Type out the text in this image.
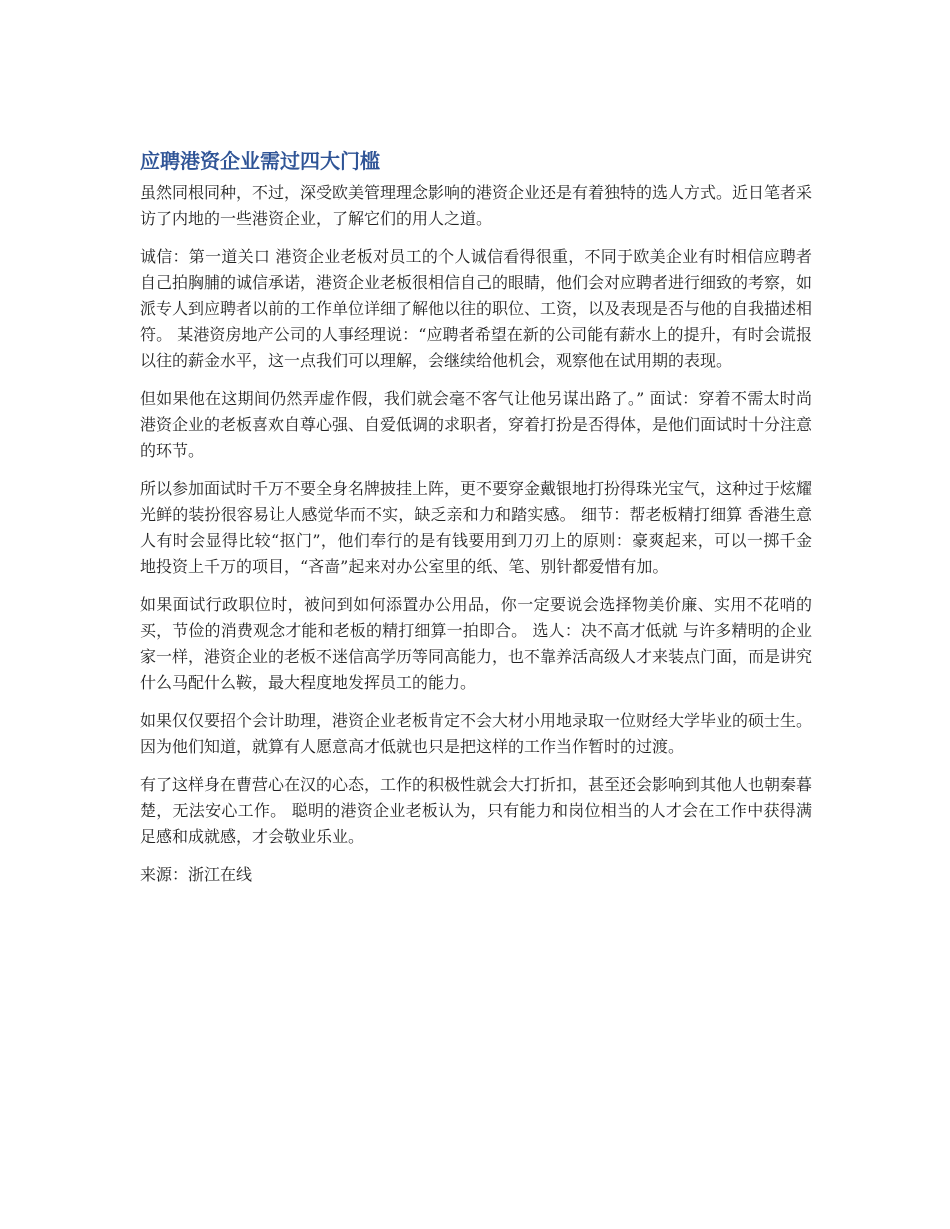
应聘港资企业需过四大门槛

虽然同根同种，不过，深受欧美管理理念影响的港资企业还是有着独特的选人方式。近日笔者采访了内地的一些港资企业，了解它们的用人之道。

诚信：第一道关口 港资企业老板对员工的个人诚信看得很重，不同于欧美企业有时相信应聘者自己拍胸脯的诚信承诺，港资企业老板很相信自己的眼睛，他们会对应聘者进行细致的考察，如派专人到应聘者以前的工作单位详细了解他以往的职位、工资，以及表现是否与他的自我描述相符。 某港资房地产公司的人事经理说：“应聘者希望在新的公司能有薪水上的提升，有时会谎报以往的薪金水平，这一点我们可以理解，会继续给他机会，观察他在试用期的表现。

但如果他在这期间仍然弄虚作假，我们就会毫不客气让他另谋出路了。” 面试：穿着不需太时尚 港资企业的老板喜欢自尊心强、自爱低调的求职者，穿着打扮是否得体，是他们面试时十分注意的环节。

所以参加面试时千万不要全身名牌披挂上阵，更不要穿金戴银地打扮得珠光宝气，这种过于炫耀光鲜的装扮很容易让人感觉华而不实，缺乏亲和力和踏实感。 细节：帮老板精打细算 香港生意人有时会显得比较“抠门”，他们奉行的是有钱要用到刀刃上的原则：豪爽起来，可以一掷千金地投资上千万的项目，“吝啬”起来对办公室里的纸、笔、别针都爱惜有加。

如果面试行政职位时，被问到如何添置办公用品，你一定要说会选择物美价廉、实用不花哨的买，节俭的消费观念才能和老板的精打细算一拍即合。 选人：决不高才低就 与许多精明的企业家一样，港资企业的老板不迷信高学历等同高能力，也不靠养活高级人才来装点门面，而是讲究什么马配什么鞍，最大程度地发挥员工的能力。

如果仅仅要招个会计助理，港资企业老板肯定不会大材小用地录取一位财经大学毕业的硕士生。因为他们知道，就算有人愿意高才低就也只是把这样的工作当作暂时的过渡。

有了这样身在曹营心在汉的心态，工作的积极性就会大打折扣，甚至还会影响到其他人也朝秦暮楚，无法安心工作。 聪明的港资企业老板认为，只有能力和岗位相当的人才会在工作中获得满足感和成就感，才会敬业乐业。

来源：浙江在线
